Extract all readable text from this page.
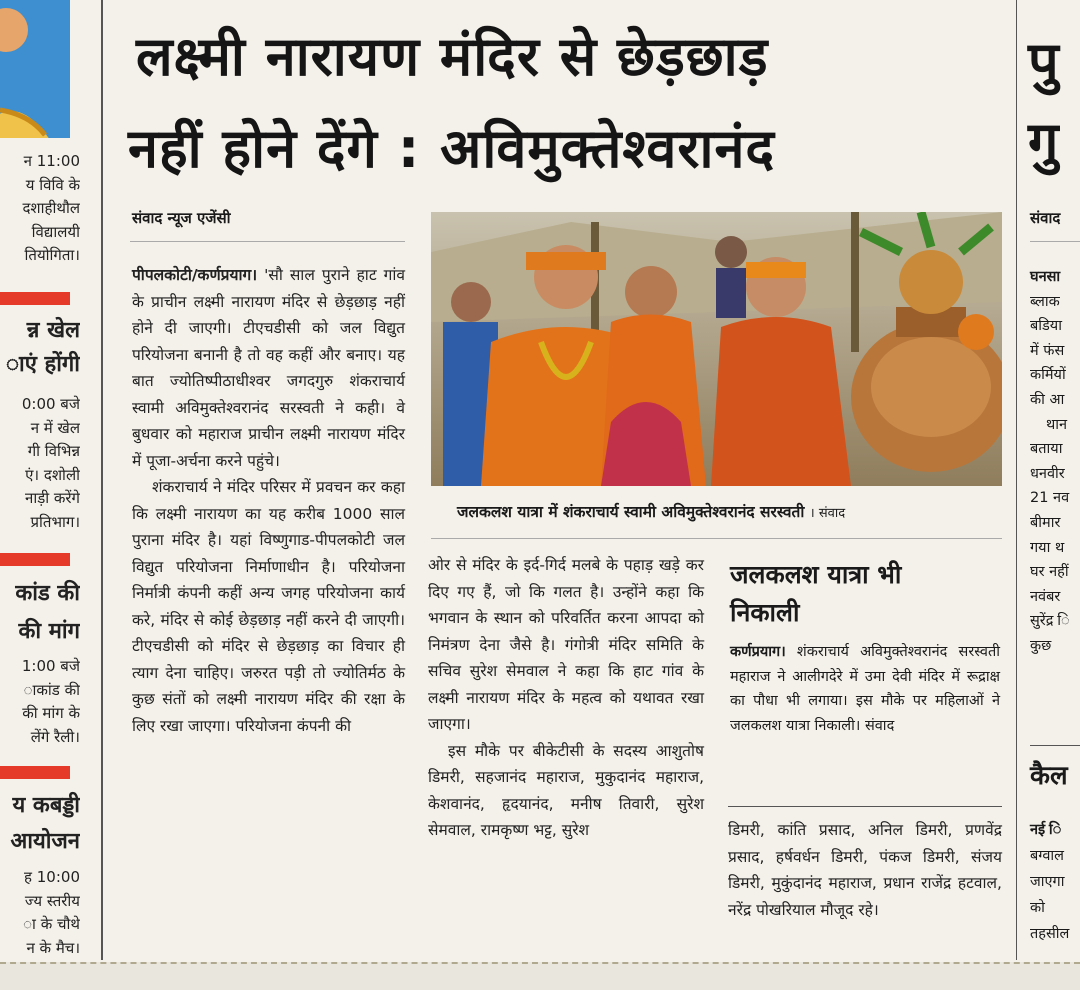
न 11:00
य विवि के
दशाहीथौल
विद्यालयी
तियोगिता।
न्न खेल
ाएं होंगी
0:00 बजे
न में खेल
गी विभिन्न
एं। दशोली
नाड़ी करेंगे
प्रतिभाग।
कांड की
की मांग
1:00 बजे
ाकांड की
की मांग के
लेंगे रैली।
य कबड्डी
आयोजन
ह 10:00
ज्य स्तरीय
ा के चौथे
न के मैच।
लक्ष्मी नारायण मंदिर से छेड़छाड़
नहीं होने देंगे : अविमुक्तेश्वरानंद
संवाद न्यूज एजेंसी

पीपलकोटी/कर्णप्रयाग। 'सौ साल पुराने हाट गांव के प्राचीन लक्ष्मी नारायण मंदिर से छेड़छाड़ नहीं होने दी जाएगी। टीएचडीसी को जल विद्युत परियोजना बनानी है तो वह कहीं और बनाए। यह बात ज्योतिष्पीठाधीश्वर जगदगुरु शंकराचार्य स्वामी अविमुक्तेश्वरानंद सरस्वती ने कही। वे बुधवार को महाराज प्राचीन लक्ष्मी नारायण मंदिर में पूजा-अर्चना करने पहुंचे।

शंकराचार्य ने मंदिर परिसर में प्रवचन कर कहा कि लक्ष्मी नारायण का यह करीब 1000 साल पुराना मंदिर है। यहां विष्णुगाड-पीपलकोटी जल विद्युत परियोजना निर्माणाधीन है। परियोजना निर्मात्री कंपनी कहीं अन्य जगह परियोजना कार्य करे, मंदिर से कोई छेड़छाड़ नहीं करने दी जाएगी। टीएचडीसी को मंदिर से छेड़छाड़ का विचार ही त्याग देना चाहिए। जरुरत पड़ी तो ज्योतिर्मठ के कुछ संतों को लक्ष्मी नारायण मंदिर की रक्षा के लिए रखा जाएगा। परियोजना कंपनी की

जलकलश यात्रा में शंकराचार्य स्वामी अविमुक्तेश्वरानंद सरस्वती । संवाद

ओर से मंदिर के इर्द-गिर्द मलबे के पहाड़ खड़े कर दिए गए हैं, जो कि गलत है। उन्होंने कहा कि भगवान के स्थान को परिवर्तित करना आपदा को निमंत्रण देना जैसे है। गंगोत्री मंदिर समिति के सचिव सुरेश सेमवाल ने कहा कि हाट गांव के लक्ष्मी नारायण मंदिर के महत्व को यथावत रखा जाएगा।

इस मौके पर बीकेटीसी के सदस्य आशुतोष डिमरी, सहजानंद महाराज, मुकुदानंद महाराज, केशवानंद, हृदयानंद, मनीष तिवारी, सुरेश सेमवाल, रामकृष्ण भट्ट, सुरेश

जलकलश यात्रा भी
निकाली

कर्णप्रयाग। शंकराचार्य अविमुक्तेश्वरानंद सरस्वती महाराज ने आलीगदेरे में उमा देवी मंदिर में रूद्राक्ष का पौधा भी लगाया। इस मौके पर महिलाओं ने जलकलश यात्रा निकाली। संवाद

डिमरी, कांति प्रसाद, अनिल डिमरी, प्रणवेंद्र प्रसाद, हर्षवर्धन डिमरी, पंकज डिमरी, संजय डिमरी, मुकुंदानंद महाराज, प्रधान राजेंद्र हटवाल, नरेंद्र पोखरियाल मौजूद रहे।

पु
गु
संवाद
घनसा
ब्लाक
बडिया
में फंस
कर्मियों
की आ
थान
बताया
धनवीर
21 नव
बीमार
गया थ
घर नहीं
नवंबर
सुरेंद्र ि
कुछ
कैल
नई ि
बग्वाल
जाएगा
को
तहसील
